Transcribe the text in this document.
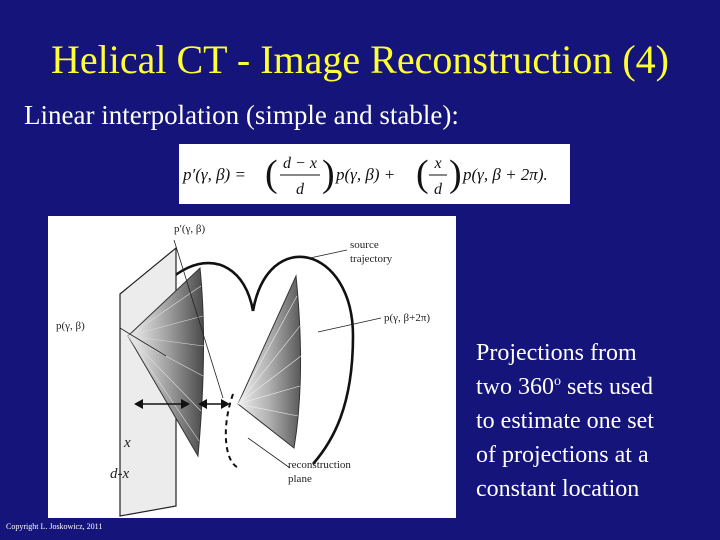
Helical CT - Image Reconstruction (4)
Linear interpolation (simple and stable):
p′(γ, β) = ( d − x
d ) p(γ, β) + ( x
d ) p(γ, β + 2π).
p′(γ, β)
source
trajectory
p(γ, β)
p(γ, β+2π)
x
d-x
reconstruction
plane
Projections from
two 360$^o$ sets used
to estimate one set
of projections at a
constant location
Copyright L. Joskowicz, 2011
